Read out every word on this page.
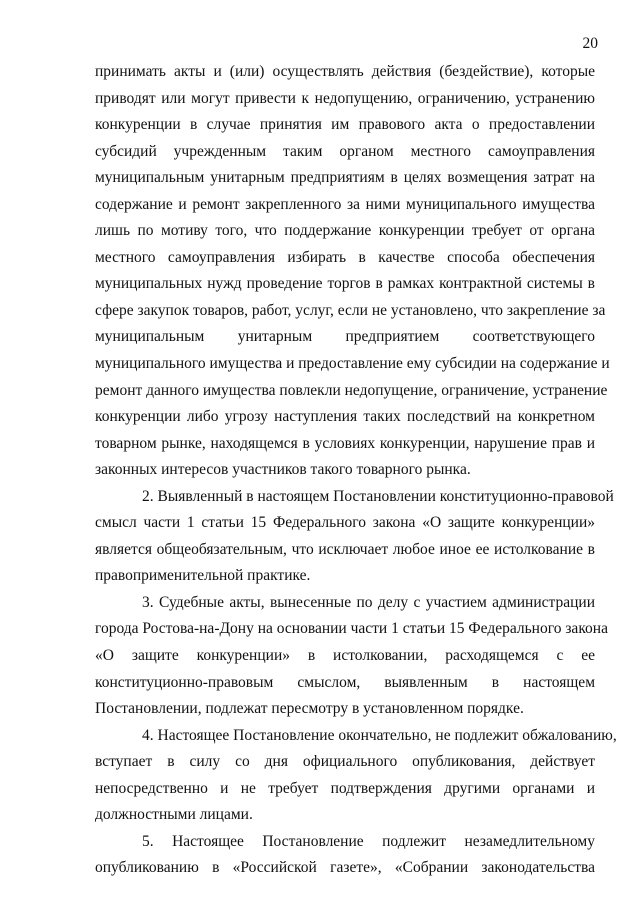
20
принимать акты и (или) осуществлять действия (бездействие), которые
приводят или могут привести к недопущению, ограничению, устранению
конкуренции в случае принятия им правового акта о предоставлении
субсидий учрежденным таким органом местного самоуправления
муниципальным унитарным предприятиям в целях возмещения затрат на
содержание и ремонт закрепленного за ними муниципального имущества
лишь по мотиву того, что поддержание конкуренции требует от органа
местного самоуправления избирать в качестве способа обеспечения
муниципальных нужд проведение торгов в рамках контрактной системы в
сфере закупок товаров, работ, услуг, если не установлено, что закрепление за
муниципальным унитарным предприятием соответствующего
муниципального имущества и предоставление ему субсидии на содержание и
ремонт данного имущества повлекли недопущение, ограничение, устранение
конкуренции либо угрозу наступления таких последствий на конкретном
товарном рынке, находящемся в условиях конкуренции, нарушение прав и
законных интересов участников такого товарного рынка.
2. Выявленный в настоящем Постановлении конституционно-правовой
смысл части 1 статьи 15 Федерального закона «О защите конкуренции»
является общеобязательным, что исключает любое иное ее истолкование в
правоприменительной практике.
3. Судебные акты, вынесенные по делу с участием администрации
города Ростова-на-Дону на основании части 1 статьи 15 Федерального закона
«О защите конкуренции» в истолковании, расходящемся с ее
конституционно-правовым смыслом, выявленным в настоящем
Постановлении, подлежат пересмотру в установленном порядке.
4. Настоящее Постановление окончательно, не подлежит обжалованию,
вступает в силу со дня официального опубликования, действует
непосредственно и не требует подтверждения другими органами и
должностными лицами.
5. Настоящее Постановление подлежит незамедлительному
опубликованию в «Российской газете», «Собрании законодательства
